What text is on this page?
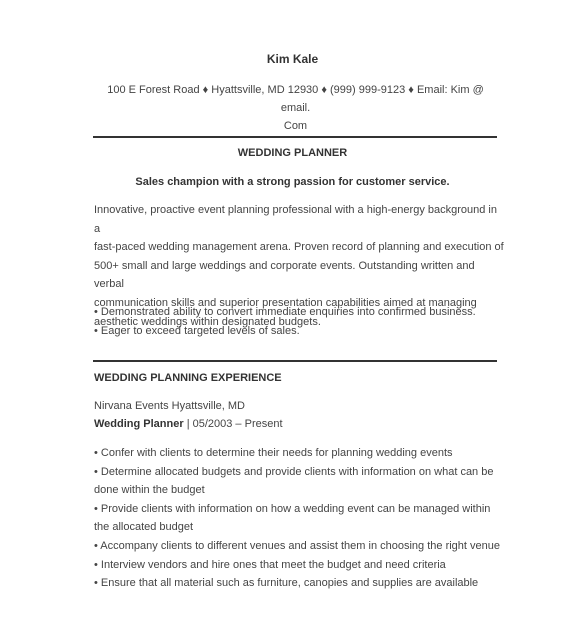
Kim Kale
100 E Forest Road ♦ Hyattsville, MD 12930 ♦ (999) 999-9123 ♦ Email: Kim @ email.
Com
WEDDING PLANNER
Sales champion with a strong passion for customer service.
Innovative, proactive event planning professional with a high-energy background in a
fast-paced wedding management arena. Proven record of planning and execution of
500+ small and large weddings and corporate events. Outstanding written and verbal
communication skills and superior presentation capabilities aimed at managing
aesthetic weddings within designated budgets.
• Demonstrated ability to convert immediate enquiries into confirmed business.
• Eager to exceed targeted levels of sales.
WEDDING PLANNING EXPERIENCE
Nirvana Events Hyattsville, MD
Wedding Planner | 05/2003 – Present
• Confer with clients to determine their needs for planning wedding events
• Determine allocated budgets and provide clients with information on what can be
done within the budget
• Provide clients with information on how a wedding event can be managed within
the allocated budget
• Accompany clients to different venues and assist them in choosing the right venue
• Interview vendors and hire ones that meet the budget and need criteria
• Ensure that all material such as furniture, canopies and supplies are available
